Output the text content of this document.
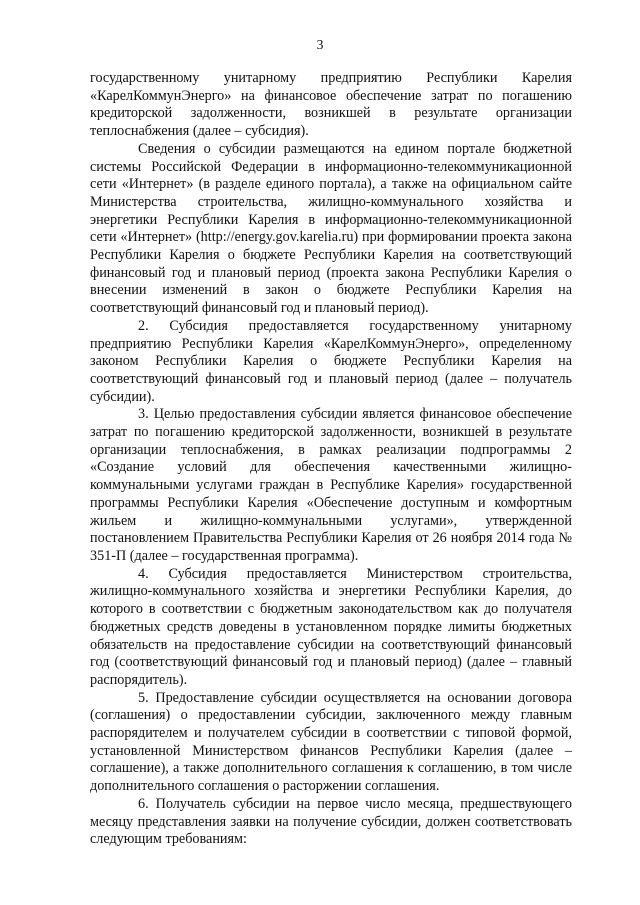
3

государственному унитарному предприятию Республики Карелия «КарелКоммунЭнерго» на финансовое обеспечение затрат по погашению кредиторской задолженности, возникшей в результате организации теплоснабжения (далее – субсидия).

Сведения о субсидии размещаются на едином портале бюджетной системы Российской Федерации в информационно-телекоммуникационной сети «Интернет» (в разделе единого портала), а также на официальном сайте Министерства строительства, жилищно-коммунального хозяйства и энергетики Республики Карелия в информационно-телекоммуникационной сети «Интернет» (http://energy.gov.karelia.ru) при формировании проекта закона Республики Карелия о бюджете Республики Карелия на соответствующий финансовый год и плановый период (проекта закона Республики Карелия о внесении изменений в закон о бюджете Республики Карелия на соответствующий финансовый год и плановый период).

2. Субсидия предоставляется государственному унитарному предприятию Республики Карелия «КарелКоммунЭнерго», определенному законом Республики Карелия о бюджете Республики Карелия на соответствующий финансовый год и плановый период (далее – получатель субсидии).

3. Целью предоставления субсидии является финансовое обеспечение затрат по погашению кредиторской задолженности, возникшей в результате организации теплоснабжения, в рамках реализации подпрограммы 2 «Создание условий для обеспечения качественными жилищно-коммунальными услугами граждан в Республике Карелия» государственной программы Республики Карелия «Обеспечение доступным и комфортным жильем и жилищно-коммунальными услугами», утвержденной постановлением Правительства Республики Карелия от 26 ноября 2014 года № 351-П (далее – государственная программа).

4. Субсидия предоставляется Министерством строительства, жилищно-коммунального хозяйства и энергетики Республики Карелия, до которого в соответствии с бюджетным законодательством как до получателя бюджетных средств доведены в установленном порядке лимиты бюджетных обязательств на предоставление субсидии на соответствующий финансовый год (соответствующий финансовый год и плановый период) (далее – главный распорядитель).

5. Предоставление субсидии осуществляется на основании договора (соглашения) о предоставлении субсидии, заключенного между главным распорядителем и получателем субсидии в соответствии с типовой формой, установленной Министерством финансов Республики Карелия (далее – соглашение), а также дополнительного соглашения к соглашению, в том числе дополнительного соглашения о расторжении соглашения.

6. Получатель субсидии на первое число месяца, предшествующего месяцу представления заявки на получение субсидии, должен соответствовать следующим требованиям:
